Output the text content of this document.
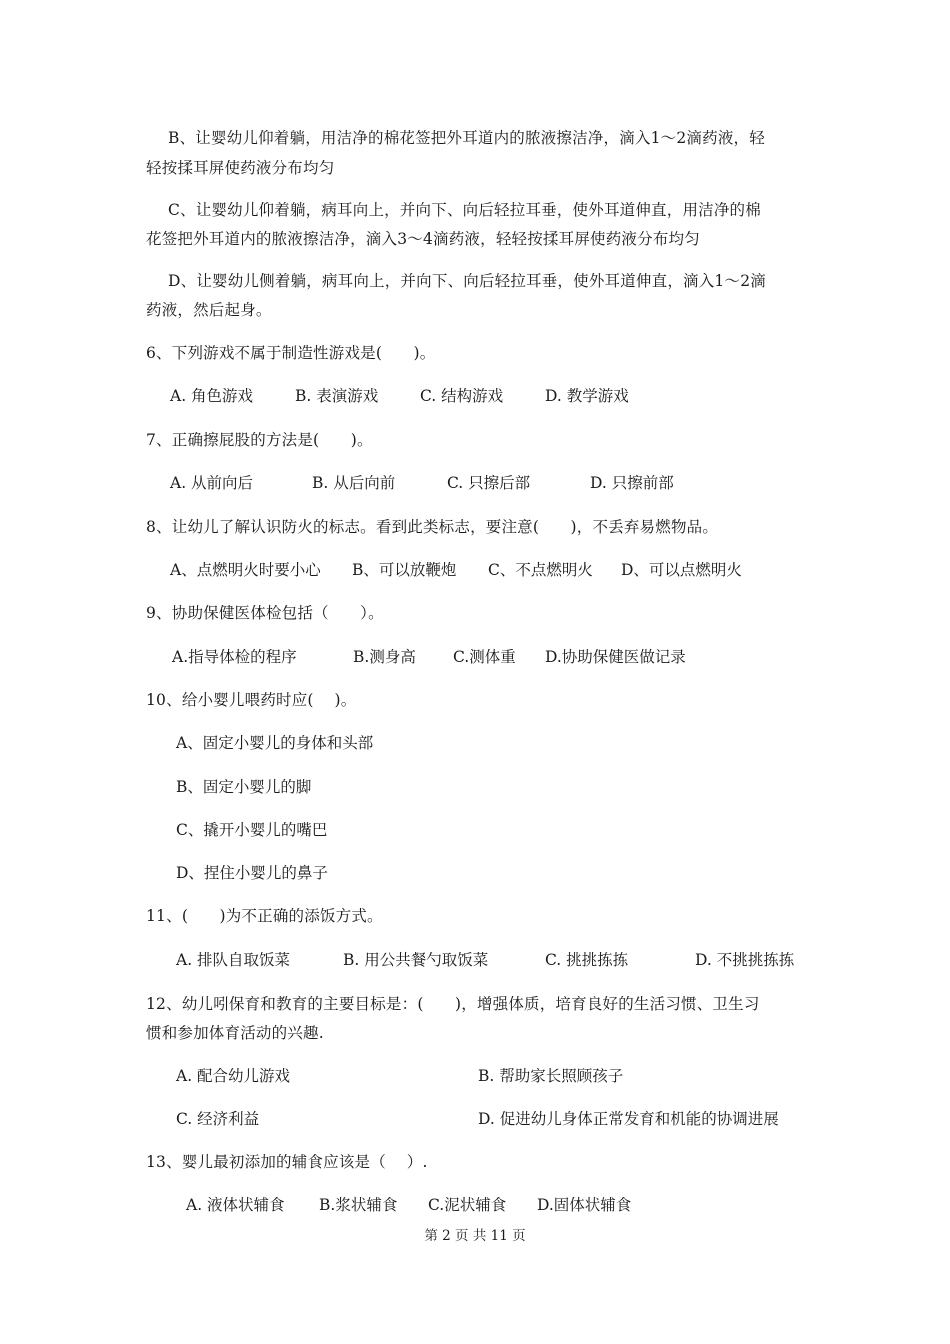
B、让婴幼儿仰着躺，用洁净的棉花签把外耳道内的脓液擦洁净，滴入1～2滴药液，轻
轻按揉耳屏使药液分布均匀
C、让婴幼儿仰着躺，病耳向上，并向下、向后轻拉耳垂，使外耳道伸直，用洁净的棉
花签把外耳道内的脓液擦洁净，滴入3～4滴药液，轻轻按揉耳屏使药液分布均匀
D、让婴幼儿侧着躺，病耳向上，并向下、向后轻拉耳垂，使外耳道伸直，滴入1～2滴
药液，然后起身。
6、下列游戏不属于制造性游戏是(　　)。
A. 角色游戏	B. 表演游戏	C. 结构游戏	D. 教学游戏
7、正确擦屁股的方法是(　　)。
A. 从前向后	B. 从后向前	C. 只擦后部	D. 只擦前部
8、让幼儿了解认识防火的标志。看到此类标志，要注意(　　)，不丢弃易燃物品。
A、点燃明火时要小心 B、可以放鞭炮 C、不点燃明火 D、可以点燃明火
9、协助保健医体检包括（　　）。
A.指导体检的程序	B.测身高 C.测体重 D.协助保健医做记录
10、给小婴儿喂药时应(　 )。
A、固定小婴儿的身体和头部
B、固定小婴儿的脚
C、撬开小婴儿的嘴巴
D、捏住小婴儿的鼻子
11、(　　)为不正确的添饭方式。
A. 排队自取饭菜	B. 用公共餐勺取饭菜	C. 挑挑拣拣	D. 不挑挑拣拣
12、幼儿吲保育和教育的主要目标是：(　　)，增强体质，培育良好的生活习惯、卫生习
惯和参加体育活动的兴趣.
A. 配合幼儿游戏	B. 帮助家长照顾孩子
C. 经济利益	D. 促进幼儿身体正常发育和机能的协调进展
13、婴儿最初添加的辅食应该是（　 ）.
A. 液体状辅食 B.浆状辅食 C.泥状辅食 D.固体状辅食
第 2 页 共 11 页
